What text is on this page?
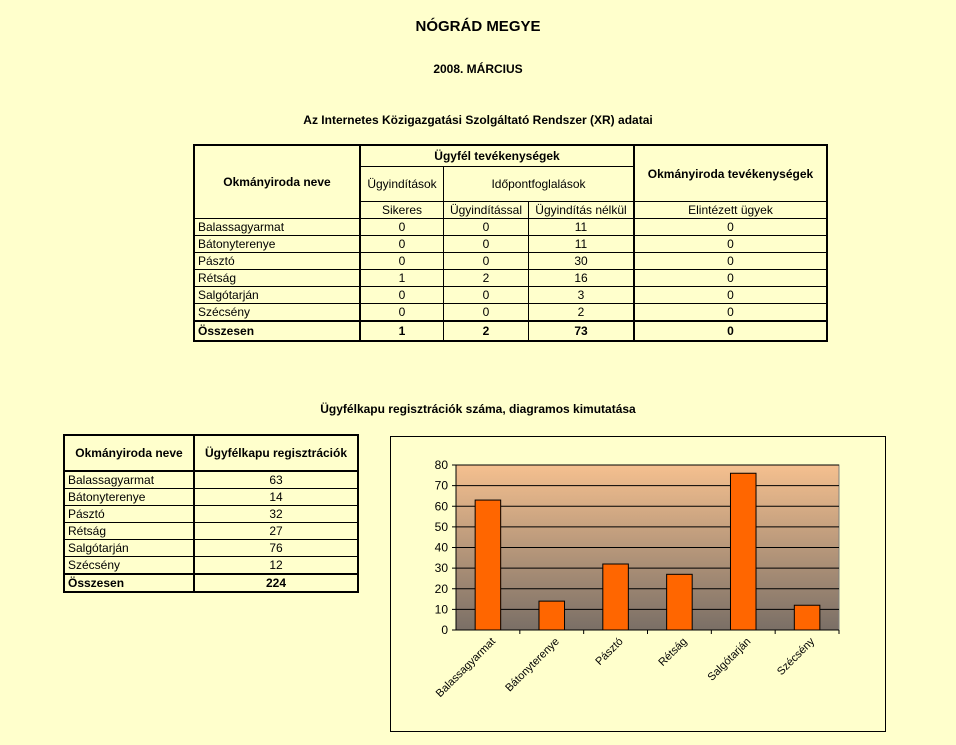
NÓGRÁD MEGYE
2008. MÁRCIUS
Az Internetes Közigazgatási Szolgáltató Rendszer (XR) adatai
Okmányiroda neve	Ügyfél tevékenységek			Okmányiroda tevékenységek
	Ügyindítások	Időpontfoglalások		
	Sikeres	Ügyindítással	Ügyindítás nélkül	Elintézett ügyek
Balassagyarmat	0	0	11	0
Bátonyterenye	0	0	11	0
Pásztó	0	0	30	0
Rétság	1	2	16	0
Salgótarján	0	0	3	0
Szécsény	0	0	2	0
Összesen	1	2	73	0
Ügyfélkapu regisztrációk száma, diagramos kimutatása
Okmányiroda neve	Ügyfélkapu regisztrációk
Balassagyarmat	63
Bátonyterenye	14
Pásztó	32
Rétság	27
Salgótarján	76
Szécsény	12
Összesen	224
0
10
20
30
40
50
60
70
80
Balassagyarmat Bátonyterenye	Pásztó	Rétság Salgótarján Szécsény
